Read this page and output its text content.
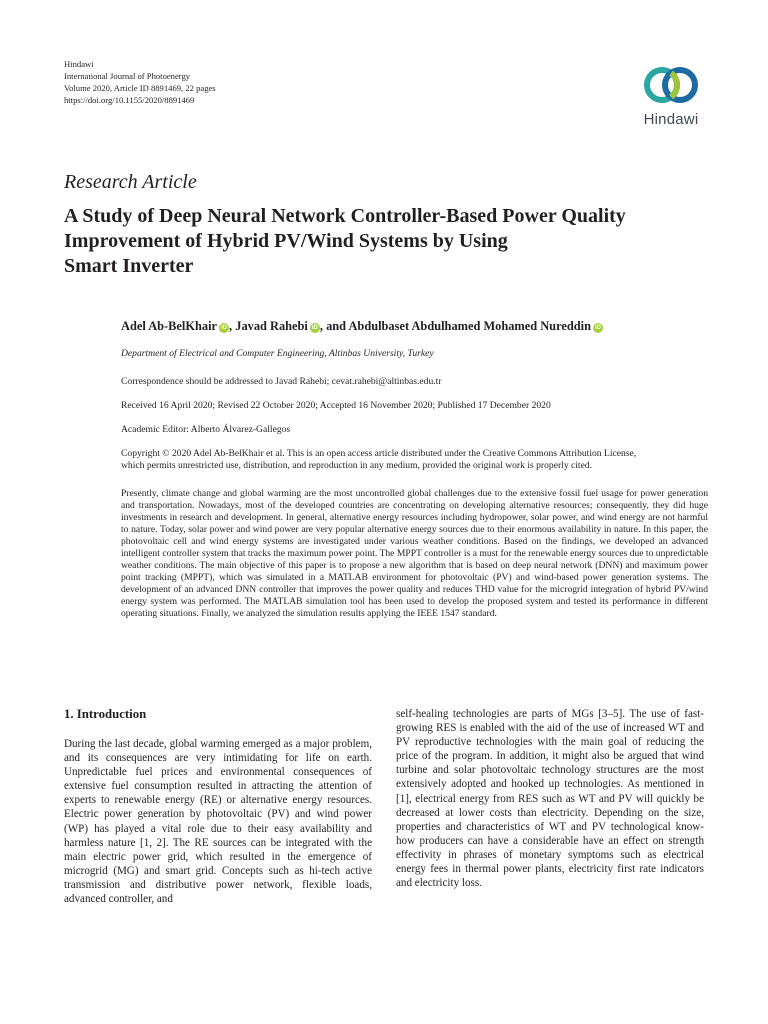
Hindawi
International Journal of Photoenergy
Volume 2020, Article ID 8891469, 22 pages
https://doi.org/10.1155/2020/8891469
Hindawi
Research Article
A Study of Deep Neural Network Controller-Based Power Quality
Improvement of Hybrid PV/Wind Systems by Using
Smart Inverter
Adel Ab-BelKhair iD , Javad Rahebi iD , and Abdulbaset Abdulhamed Mohamed Nureddin iD
Department of Electrical and Computer Engineering, Altinbas University, Turkey
Correspondence should be addressed to Javad Rahebi; cevat.rahebi@altinbas.edu.tr
Received 16 April 2020; Revised 22 October 2020; Accepted 16 November 2020; Published 17 December 2020
Academic Editor: Alberto Álvarez-Gallegos
Copyright © 2020 Adel Ab-BelKhair et al. This is an open access article distributed under the Creative Commons Attribution License,
which permits unrestricted use, distribution, and reproduction in any medium, provided the original work is properly cited.

Presently, climate change and global warming are the most uncontrolled global challenges due to the extensive fossil fuel usage for power generation and transportation. Nowadays, most of the developed countries are concentrating on developing alternative resources; consequently, they did huge investments in research and development. In general, alternative energy resources including hydropower, solar power, and wind energy are not harmful to nature. Today, solar power and wind power are very popular alternative energy sources due to their enormous availability in nature. In this paper, the photovoltaic cell and wind energy systems are investigated under various weather conditions. Based on the findings, we developed an advanced intelligent controller system that tracks the maximum power point. The MPPT controller is a must for the renewable energy sources due to unpredictable weather conditions. The main objective of this paper is to propose a new algorithm that is based on deep neural network (DNN) and maximum power point tracking (MPPT), which was simulated in a MATLAB environment for photovoltaic (PV) and wind-based power generation systems. The development of an advanced DNN controller that improves the power quality and reduces THD value for the microgrid integration of hybrid PV/wind energy system was performed. The MATLAB simulation tool has been used to develop the proposed system and tested its performance in different operating situations. Finally, we analyzed the simulation results applying the IEEE 1547 standard.

1. Introduction

During the last decade, global warming emerged as a major problem, and its consequences are very intimidating for life on earth. Unpredictable fuel prices and environmental consequences of extensive fuel consumption resulted in attracting the attention of experts to renewable energy (RE) or alternative energy resources. Electric power generation by photovoltaic (PV) and wind power (WP) has played a vital role due to their easy availability and harmless nature [1, 2]. The RE sources can be integrated with the main electric power grid, which resulted in the emergence of microgrid (MG) and smart grid. Concepts such as hi-tech active transmission and distributive power network, flexible loads, advanced controller, and

self-healing technologies are parts of MGs [3–5]. The use of fast-growing RES is enabled with the aid of the use of increased WT and PV reproductive technologies with the main goal of reducing the price of the program. In addition, it might also be argued that wind turbine and solar photovoltaic technology structures are the most extensively adopted and hooked up technologies. As mentioned in [1], electrical energy from RES such as WT and PV will quickly be decreased at lower costs than electricity. Depending on the size, properties and characteristics of WT and PV technological know-how producers can have a considerable have an effect on strength effectivity in phrases of monetary symptoms such as electrical energy fees in thermal power plants, electricity first rate indicators and electricity loss.
